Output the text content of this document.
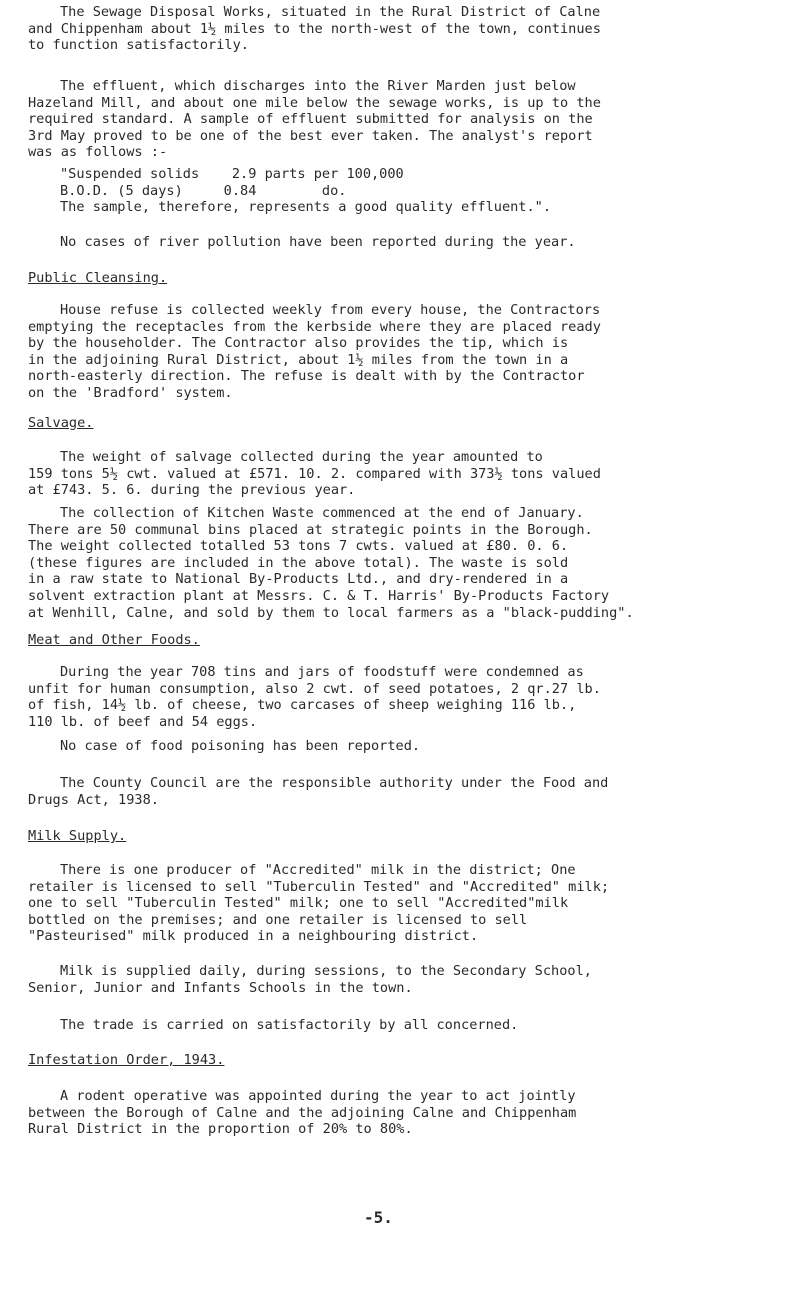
The Sewage Disposal Works, situated in the Rural District of Calne
and Chippenham about 1½ miles to the north-west of the town, continues
to function satisfactorily.

The effluent, which discharges into the River Marden just below
Hazeland Mill, and about one mile below the sewage works, is up to the
required standard. A sample of effluent submitted for analysis on the
3rd May proved to be one of the best ever taken. The analyst's report
was as follows :-

"Suspended solids    2.9 parts per 100,000
B.O.D. (5 days)     0.84        do.
The sample, therefore, represents a good quality effluent.".

No cases of river pollution have been reported during the year.

Public Cleansing.

House refuse is collected weekly from every house, the Contractors
emptying the receptacles from the kerbside where they are placed ready
by the householder. The Contractor also provides the tip, which is
in the adjoining Rural District, about 1½ miles from the town in a
north-easterly direction. The refuse is dealt with by the Contractor
on the 'Bradford' system.

Salvage.

The weight of salvage collected during the year amounted to
159 tons 5½ cwt. valued at £571. 10. 2. compared with 373½ tons valued
at £743. 5. 6. during the previous year.

The collection of Kitchen Waste commenced at the end of January.
There are 50 communal bins placed at strategic points in the Borough.
The weight collected totalled 53 tons 7 cwts. valued at £80. 0. 6.
(these figures are included in the above total). The waste is sold
in a raw state to National By-Products Ltd., and dry-rendered in a
solvent extraction plant at Messrs. C. & T. Harris' By-Products Factory
at Wenhill, Calne, and sold by them to local farmers as a "black-pudding".

Meat and Other Foods.

During the year 708 tins and jars of foodstuff were condemned as
unfit for human consumption, also 2 cwt. of seed potatoes, 2 qr.27 lb.
of fish, 14½ lb. of cheese, two carcases of sheep weighing 116 lb.,
110 lb. of beef and 54 eggs.

No case of food poisoning has been reported.

The County Council are the responsible authority under the Food and
Drugs Act, 1938.

Milk Supply.

There is one producer of "Accredited" milk in the district; One
retailer is licensed to sell "Tuberculin Tested" and "Accredited" milk;
one to sell "Tuberculin Tested" milk; one to sell "Accredited"milk
bottled on the premises; and one retailer is licensed to sell
"Pasteurised" milk produced in a neighbouring district.

Milk is supplied daily, during sessions, to the Secondary School,
Senior, Junior and Infants Schools in the town.

The trade is carried on satisfactorily by all concerned.

Infestation Order, 1943.

A rodent operative was appointed during the year to act jointly
between the Borough of Calne and the adjoining Calne and Chippenham
Rural District in the proportion of 20% to 80%.

-5.
